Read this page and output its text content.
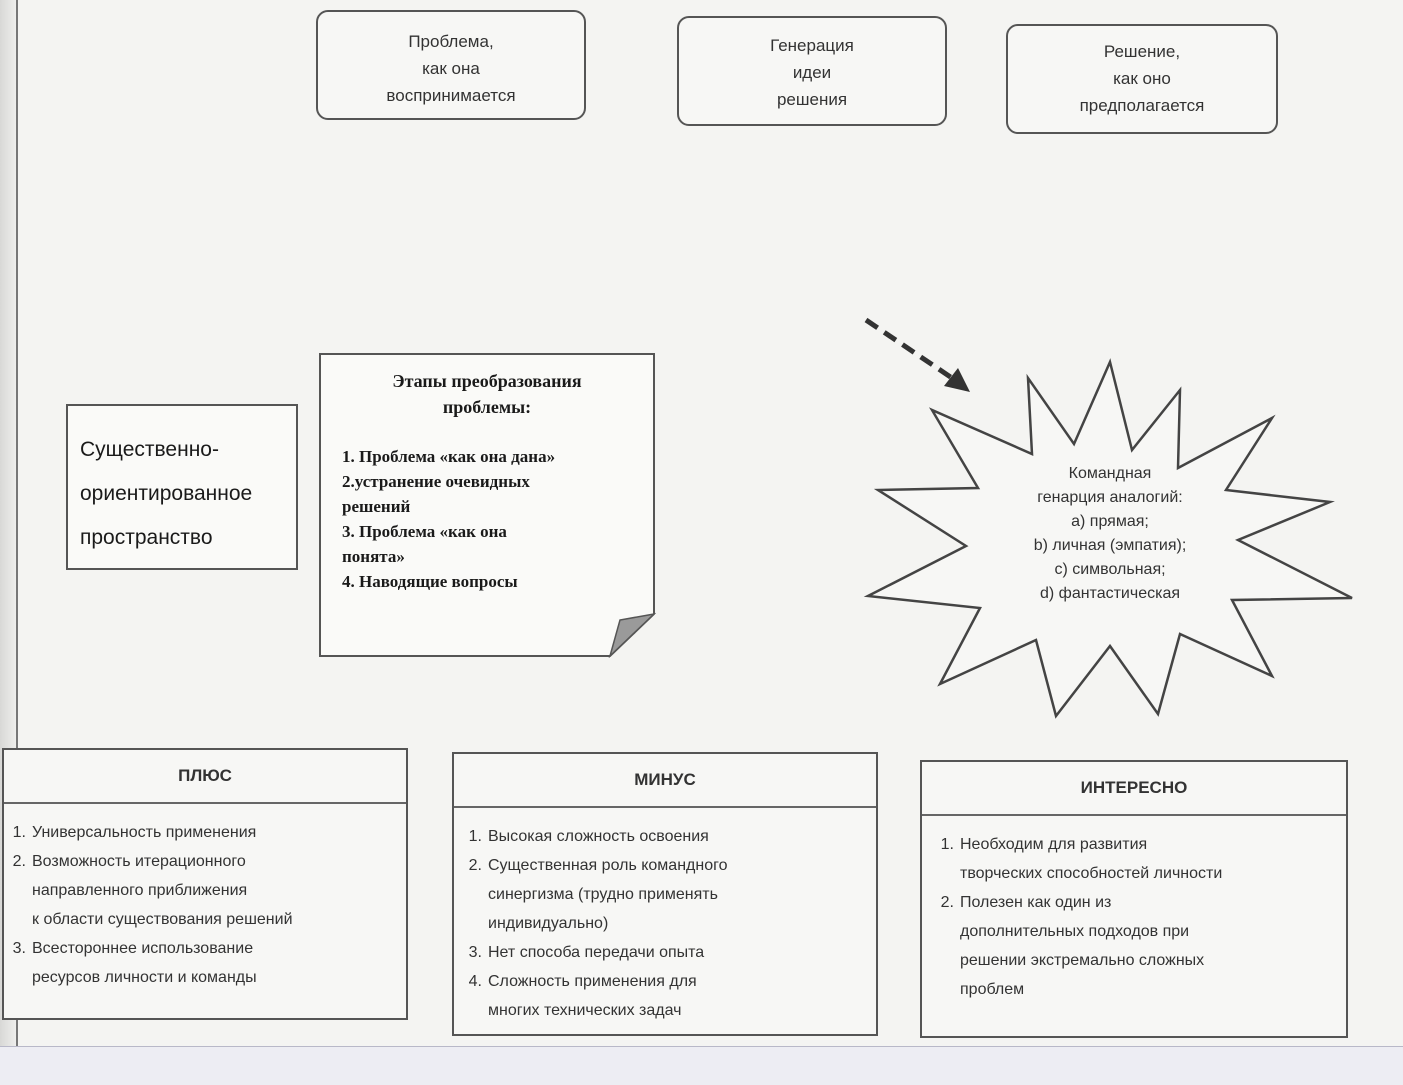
Проблема,
как она
воспринимается
Генерация
идеи
решения
Решение,
как оно
предполагается
Существенно-
ориентированное
пространство
Этапы преобразования
проблемы:
1. Проблема «как она дана»
2.устранение очевидных
решений
3. Проблема «как она
понята»
4. Наводящие вопросы
Командная
генарция аналогий:
a) прямая;
b) личная (эмпатия);
c) символьная;
d) фантастическая
ПЛЮС
1. Универсальность применения
2. Возможность итерационного
направленного приближения
к области существования решений
3. Всестороннее использование
ресурсов личности и команды
МИНУС
1. Высокая сложность освоения
2. Существенная роль командного
синергизма (трудно применять
индивидуально)
3. Нет способа передачи опыта
4. Сложность применения для
многих технических задач
ИНТЕРЕСНО
1. Необходим для развития
творческих способностей личности
2. Полезен как один из
дополнительных подходов при
решении экстремально сложных
проблем
